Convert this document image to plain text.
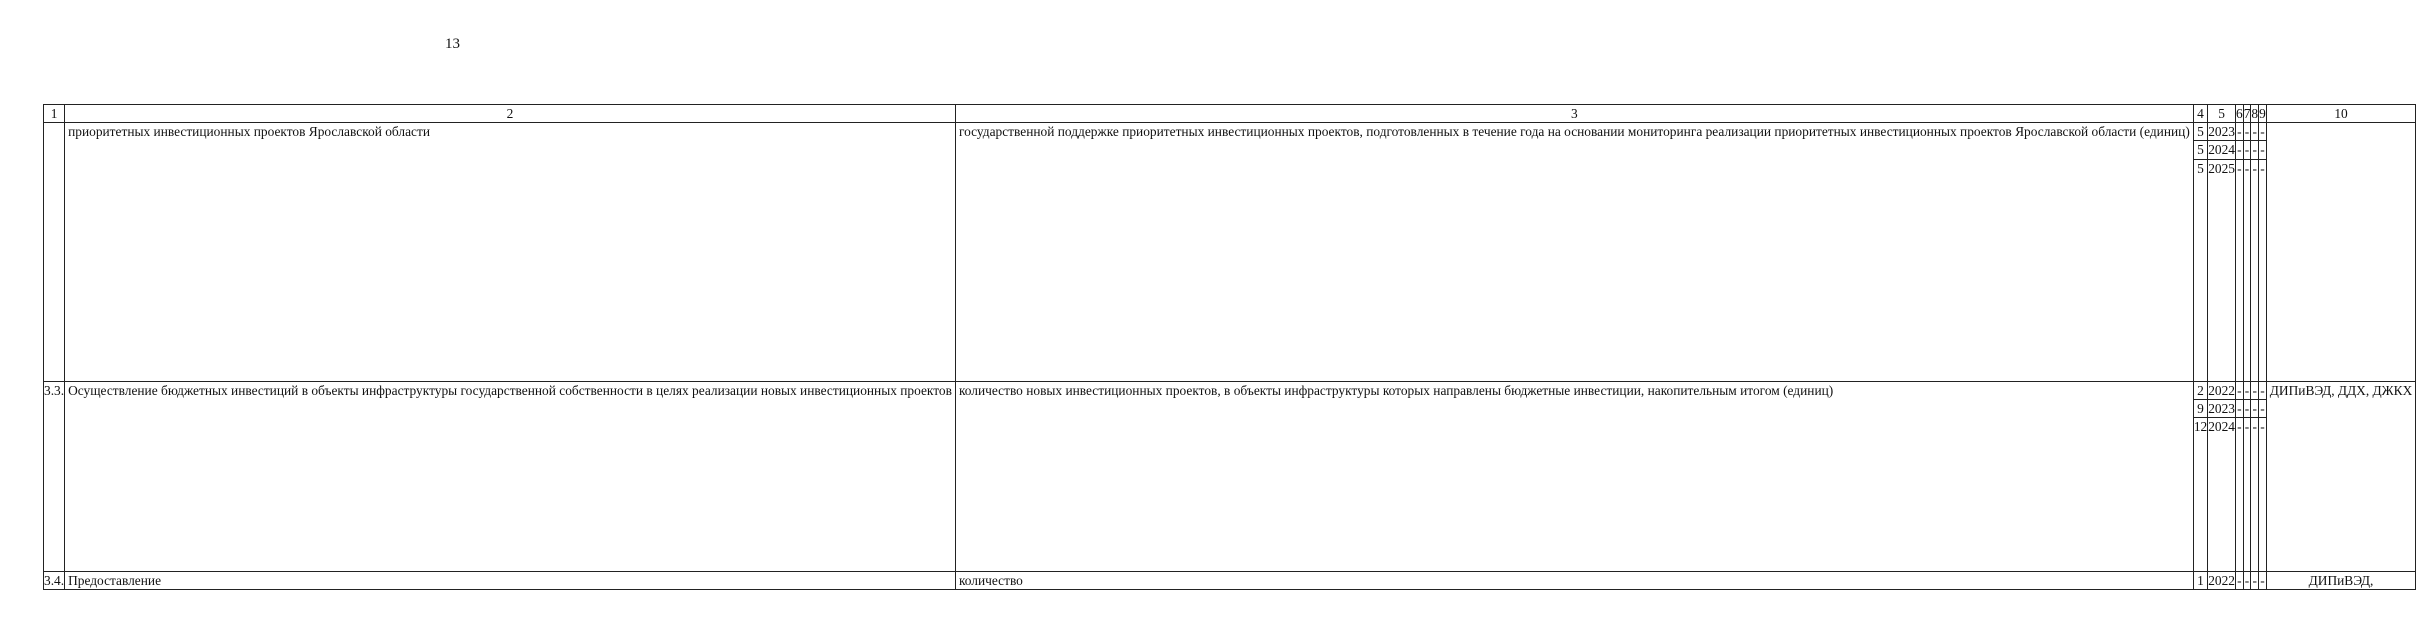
13
1	2	3	4	5	6	7	8	9	10
	приоритетных инвестиционных проектов Ярославской области	государственной поддержке приоритетных инвестиционных проектов, подготовленных в течение года на основании мониторинга реализации приоритетных инвестиционных проектов Ярославской области (единиц)	5	2023	-	-	-	-	
			5	2024	-	-	-	-	
			5	2025	-	-	-	-	
3.3.	Осуществление бюджетных инвестиций в объекты инфраструктуры государственной собственности в целях реализации новых инвестиционных проектов	количество новых инвестиционных проектов, в объекты инфраструктуры которых направлены бюджетные инвестиции, накопительным итогом (единиц)	2	2022	-	-	-	-	ДИПиВЭД, ДДХ, ДЖКХ
			9	2023	-	-	-	-	
			12	2024	-	-	-	-	
3.4.	Предоставление	количество	1	2022	-	-	-	-	ДИПиВЭД,
